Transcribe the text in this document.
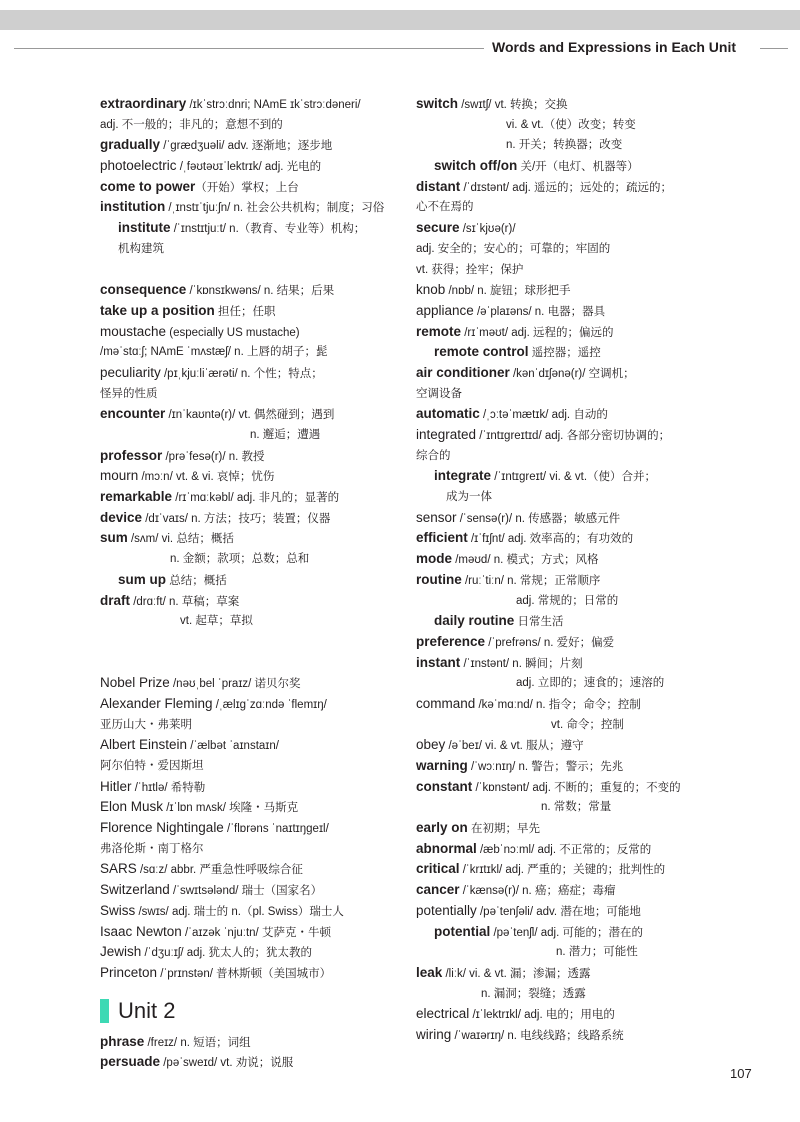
Words and Expressions in Each Unit
extraordinary /ɪkˈstrɔːdnri; NAmE ɪkˈstrɔːdəneri/
adj. 不一般的；非凡的；意想不到的
gradually /ˈɡrædʒuəli/ adv. 逐渐地；逐步地
photoelectric /ˌfəʊtəʊɪˈlektrɪk/ adj. 光电的
come to power（开始）掌权；上台
institution /ˌɪnstɪˈtjuːʃn/ n. 社会公共机构；制度；习俗
institute /ˈɪnstɪtjuːt/ n.（教育、专业等）机构；
机构建筑
consequence /ˈkɒnsɪkwəns/ n. 结果；后果
take up a position 担任；任职
moustache (especially US mustache)
/məˈstɑːʃ; NAmE ˈmʌstæʃ/ n. 上唇的胡子；髭
peculiarity /pɪˌkjuːliˈærəti/ n. 个性；特点；
怪异的性质
encounter /ɪnˈkaʊntə(r)/ vt. 偶然碰到；遇到
n. 邂逅；遭遇
professor /prəˈfesə(r)/ n. 教授
mourn /mɔːn/ vt. & vi. 哀悼；忧伤
remarkable /rɪˈmɑːkəbl/ adj. 非凡的；显著的
device /dɪˈvaɪs/ n. 方法；技巧；装置；仪器
sum /sʌm/ vi. 总结；概括
n. 金额；款项；总数；总和
sum up 总结；概括
draft /drɑːft/ n. 草稿；草案
vt. 起草；草拟
Nobel Prize /nəʊˌbel ˈpraɪz/ 诺贝尔奖
Alexander Fleming /ˌælɪɡˈzɑːndə ˈflemɪŋ/
亚历山大・弗莱明
Albert Einstein /ˈælbət ˈaɪnstaɪn/
阿尔伯特・爱因斯坦
Hitler /ˈhɪtlə/ 希特勒
Elon Musk /ɪˈlɒn mʌsk/ 埃隆・马斯克
Florence Nightingale /ˈflɒrəns ˈnaɪtɪŋɡeɪl/
弗洛伦斯・南丁格尔
SARS /sɑːz/ abbr. 严重急性呼吸综合征
Switzerland /ˈswɪtsələnd/ 瑞士（国家名）
Swiss /swɪs/ adj. 瑞士的 n.（pl. Swiss）瑞士人
Isaac Newton /ˈaɪzək ˈnjuːtn/ 艾萨克・牛顿
Jewish /ˈdʒuːɪʃ/ adj. 犹太人的；犹太教的
Princeton /ˈprɪnstən/ 普林斯顿（美国城市）
Unit 2
phrase /freɪz/ n. 短语；词组
persuade /pəˈsweɪd/ vt. 劝说；说服
switch /swɪtʃ/ vt. 转换；交换
vi. & vt.（使）改变；转变
n. 开关；转换器；改变
switch off/on 关/开（电灯、机器等）
distant /ˈdɪstənt/ adj. 遥远的；远处的；疏远的；
心不在焉的
secure /sɪˈkjʊə(r)/
adj. 安全的；安心的；可靠的；牢固的
vt. 获得；拴牢；保护
knob /nɒb/ n. 旋钮；球形把手
appliance /əˈplaɪəns/ n. 电器；器具
remote /rɪˈməʊt/ adj. 远程的；偏远的
remote control 遥控器；遥控
air conditioner /kənˈdɪʃənə(r)/ 空调机；
空调设备
automatic /ˌɔːtəˈmætɪk/ adj. 自动的
integrated /ˈɪntɪɡreɪtɪd/ adj. 各部分密切协调的；
综合的
integrate /ˈɪntɪɡreɪt/ vi. & vt.（使）合并；
成为一体
sensor /ˈsensə(r)/ n. 传感器；敏感元件
efficient /ɪˈfɪʃnt/ adj. 效率高的；有功效的
mode /məʊd/ n. 模式；方式；风格
routine /ruːˈtiːn/ n. 常规；正常顺序
adj. 常规的；日常的
daily routine 日常生活
preference /ˈprefrəns/ n. 爱好；偏爱
instant /ˈɪnstənt/ n. 瞬间；片刻
adj. 立即的；速食的；速溶的
command /kəˈmɑːnd/ n. 指令；命令；控制
vt. 命令；控制
obey /əˈbeɪ/ vi. & vt. 服从；遵守
warning /ˈwɔːnɪŋ/ n. 警告；警示；先兆
constant /ˈkɒnstənt/ adj. 不断的；重复的；不变的
n. 常数；常量
early on 在初期；早先
abnormal /æbˈnɔːml/ adj. 不正常的；反常的
critical /ˈkrɪtɪkl/ adj. 严重的；关键的；批判性的
cancer /ˈkænsə(r)/ n. 癌；癌症；毒瘤
potentially /pəˈtenʃəli/ adv. 潜在地；可能地
potential /pəˈtenʃl/ adj. 可能的；潜在的
n. 潜力；可能性
leak /liːk/ vi. & vt. 漏；渗漏；透露
n. 漏洞；裂缝；透露
electrical /ɪˈlektrɪkl/ adj. 电的；用电的
wiring /ˈwaɪərɪŋ/ n. 电线线路；线路系统
107
